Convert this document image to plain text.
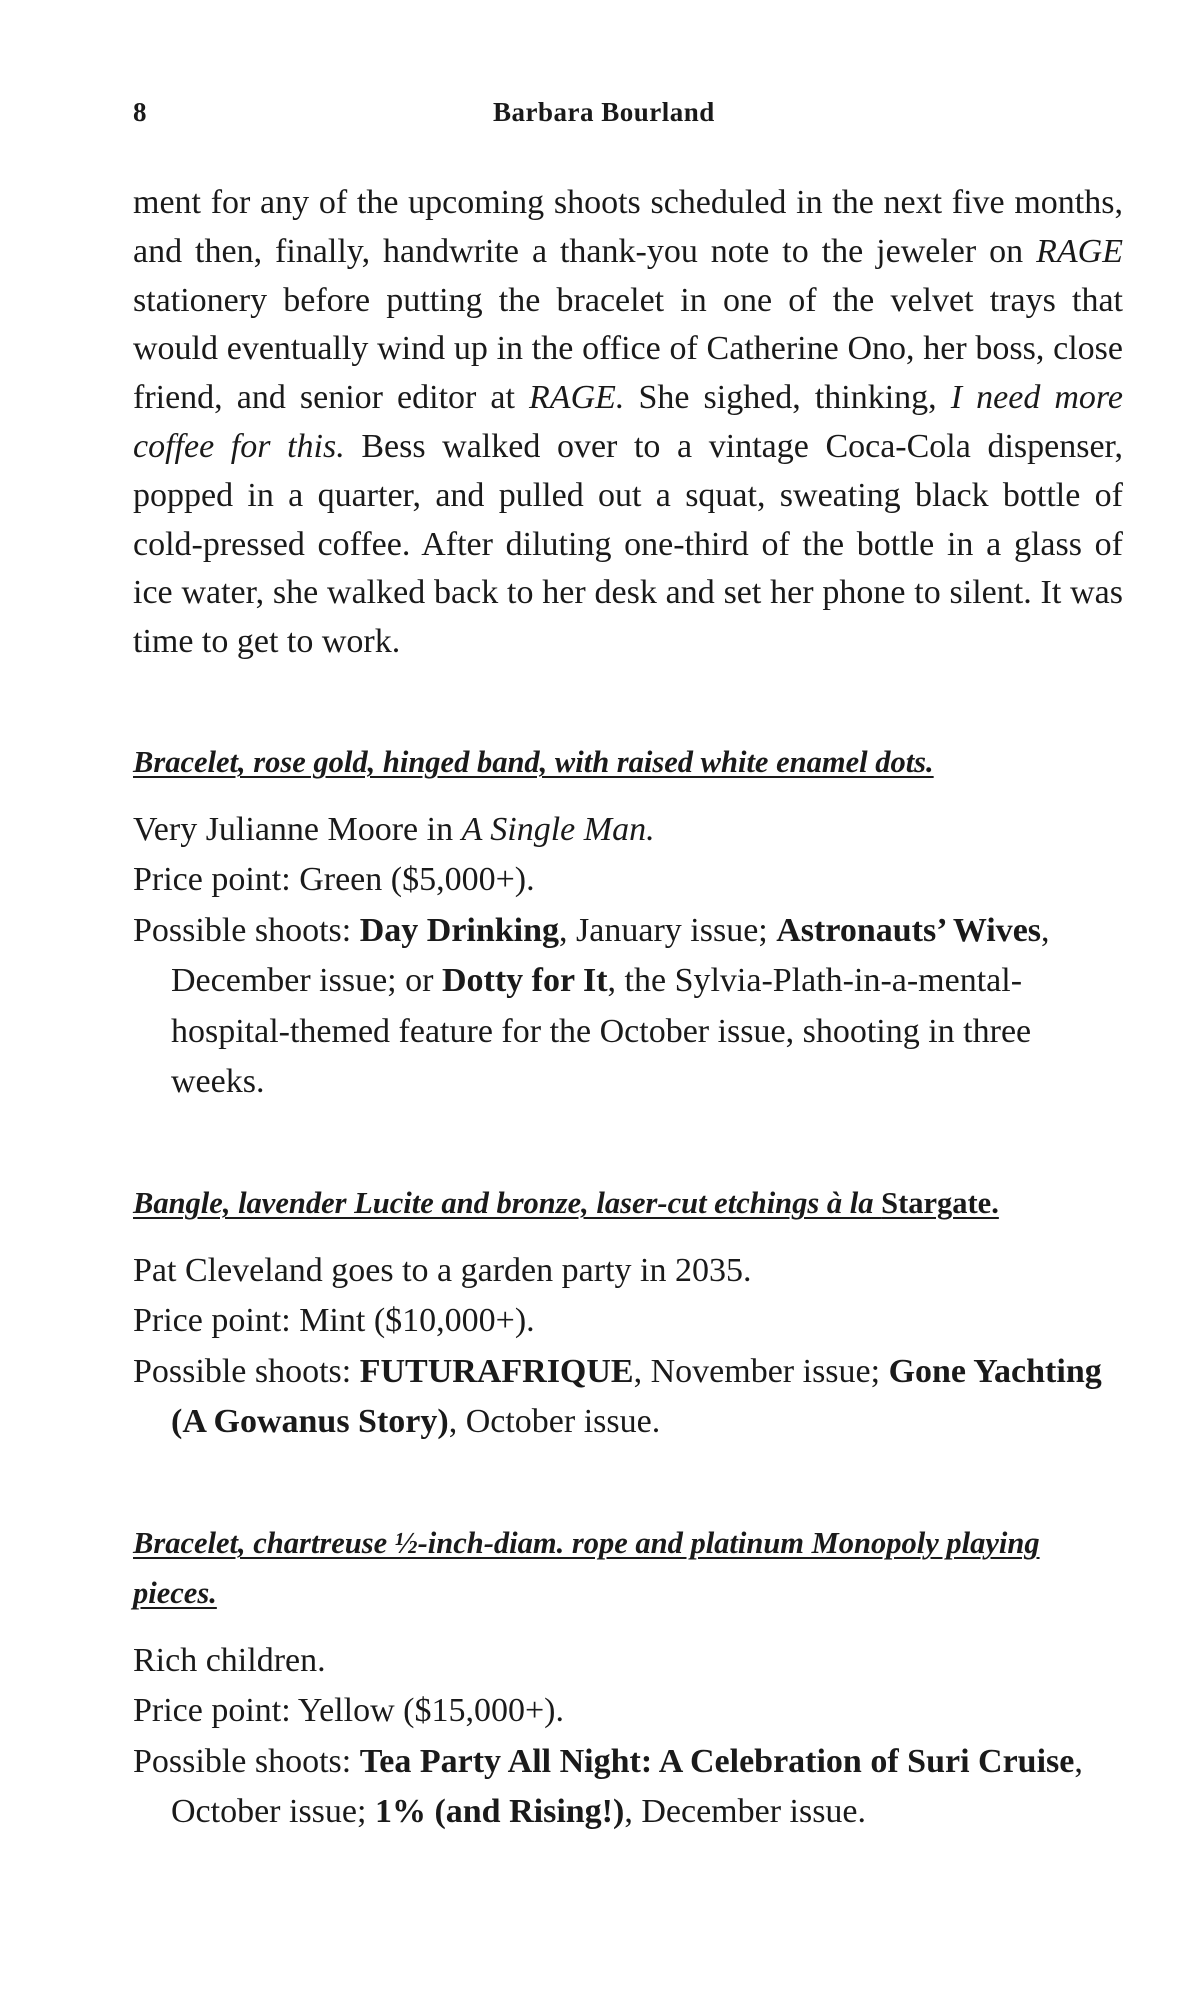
8	Barbara Bourland

ment for any of the upcoming shoots scheduled in the next five months, and then, finally, handwrite a thank-you note to the jeweler on RAGE stationery before putting the bracelet in one of the velvet trays that would eventually wind up in the office of Catherine Ono, her boss, close friend, and senior editor at RAGE. She sighed, thinking, I need more coffee for this. Bess walked over to a vintage Coca-Cola dispenser, popped in a quarter, and pulled out a squat, sweating black bottle of cold-pressed coffee. After diluting one-third of the bottle in a glass of ice water, she walked back to her desk and set her phone to silent. It was time to get to work.

Bracelet, rose gold, hinged band, with raised white enamel dots.

Very Julianne Moore in A Single Man.

Price point: Green ($5,000+).

Possible shoots: Day Drinking, January issue; Astronauts’ Wives, December issue; or Dotty for It, the Sylvia-Plath-in-a-mental-hospital-themed feature for the October issue, shooting in three weeks.

Bangle, lavender Lucite and bronze, laser-cut etchings à la Stargate.

Pat Cleveland goes to a garden party in 2035.

Price point: Mint ($10,000+).

Possible shoots: FUTURAFRIQUE, November issue; Gone Yachting (A Gowanus Story), October issue.

Bracelet, chartreuse ½-inch-diam. rope and platinum Monopoly playing pieces.

Rich children.

Price point: Yellow ($15,000+).

Possible shoots: Tea Party All Night: A Celebration of Suri Cruise, October issue; 1% (and Rising!), December issue.
